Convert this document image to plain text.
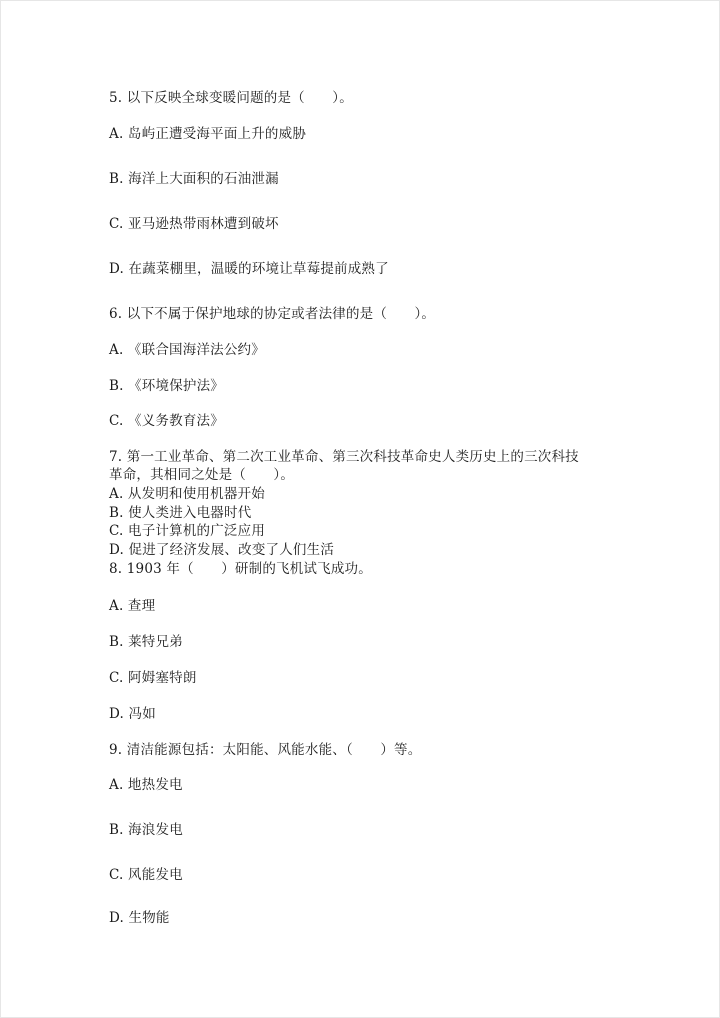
5. 以下反映全球变暖问题的是（　　）。
A. 岛屿正遭受海平面上升的威胁
B. 海洋上大面积的石油泄漏
C. 亚马逊热带雨林遭到破坏
D. 在蔬菜棚里，温暖的环境让草莓提前成熟了
6. 以下不属于保护地球的协定或者法律的是（　　）。
A. 《联合国海洋法公约》
B. 《环境保护法》
C. 《义务教育法》
7. 第一工业革命、第二次工业革命、第三次科技革命史人类历史上的三次科技
革命，其相同之处是（　　）。
A. 从发明和使用机器开始
B. 使人类进入电器时代
C. 电子计算机的广泛应用
D. 促进了经济发展、改变了人们生活
8. 1903 年（　　）研制的飞机试飞成功。
A. 查理
B. 莱特兄弟
C. 阿姆塞特朗
D. 冯如
9. 清洁能源包括：太阳能、风能水能、（　　）等。
A. 地热发电
B. 海浪发电
C. 风能发电
D. 生物能
